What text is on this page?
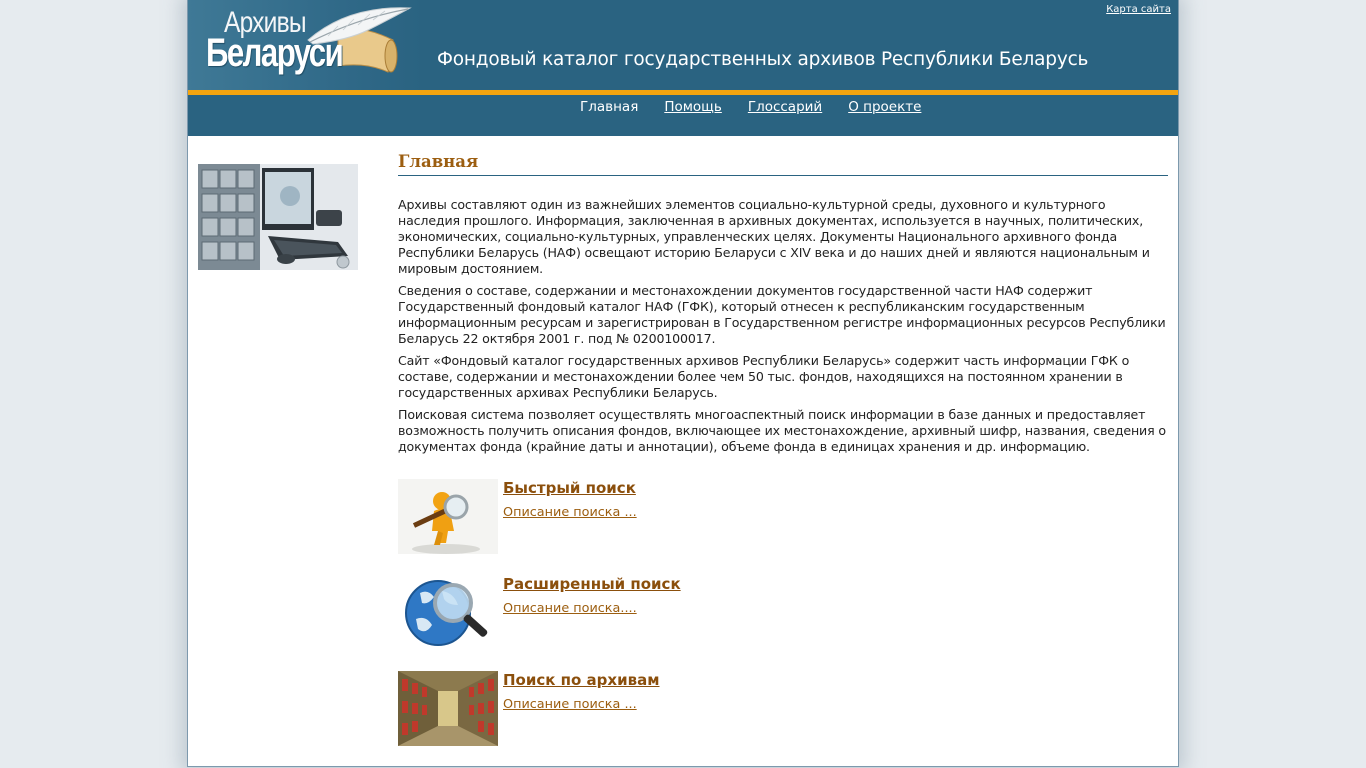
Архивы
Беларуси	Фондовый каталог государственных архивов Республики Беларусь
Карта сайта
Главная Помощь Глоссарий О проекте
Главная

Архивы составляют один из важнейших элементов социально-культурной среды, духовного и культурного наследия прошлого. Информация, заключенная в архивных документах, используется в научных, политических, экономических, социально-культурных, управленческих целях. Документы Национального архивного фонда Республики Беларусь (НАФ) освещают историю Беларуси с XIV века и до наших дней и являются национальным и мировым достоянием.

Сведения о составе, содержании и местонахождении документов государственной части НАФ содержит Государственный фондовый каталог НАФ (ГФК), который отнесен к республиканским государственным информационным ресурсам и зарегистрирован в Государственном регистре информационных ресурсов Республики Беларусь 22 октября 2001 г. под № 0200100017.

Сайт «Фондовый каталог государственных архивов Республики Беларусь» содержит часть информации ГФК о составе, содержании и местонахождении более чем 50 тыс. фондов, находящихся на постоянном хранении в государственных архивах Республики Беларусь.

Поисковая система позволяет осуществлять многоаспектный поиск информации в базе данных и предоставляет возможность получить описания фондов, включающее их местонахождение, архивный шифр, названия, сведения о документах фонда (крайние даты и аннотации), объеме фонда в единицах хранения и др. информацию.

Быстрый поиск
Описание поиска ...
Расширенный поиск
Описание поиска....
Поиск по архивам
Описание поиска ...
